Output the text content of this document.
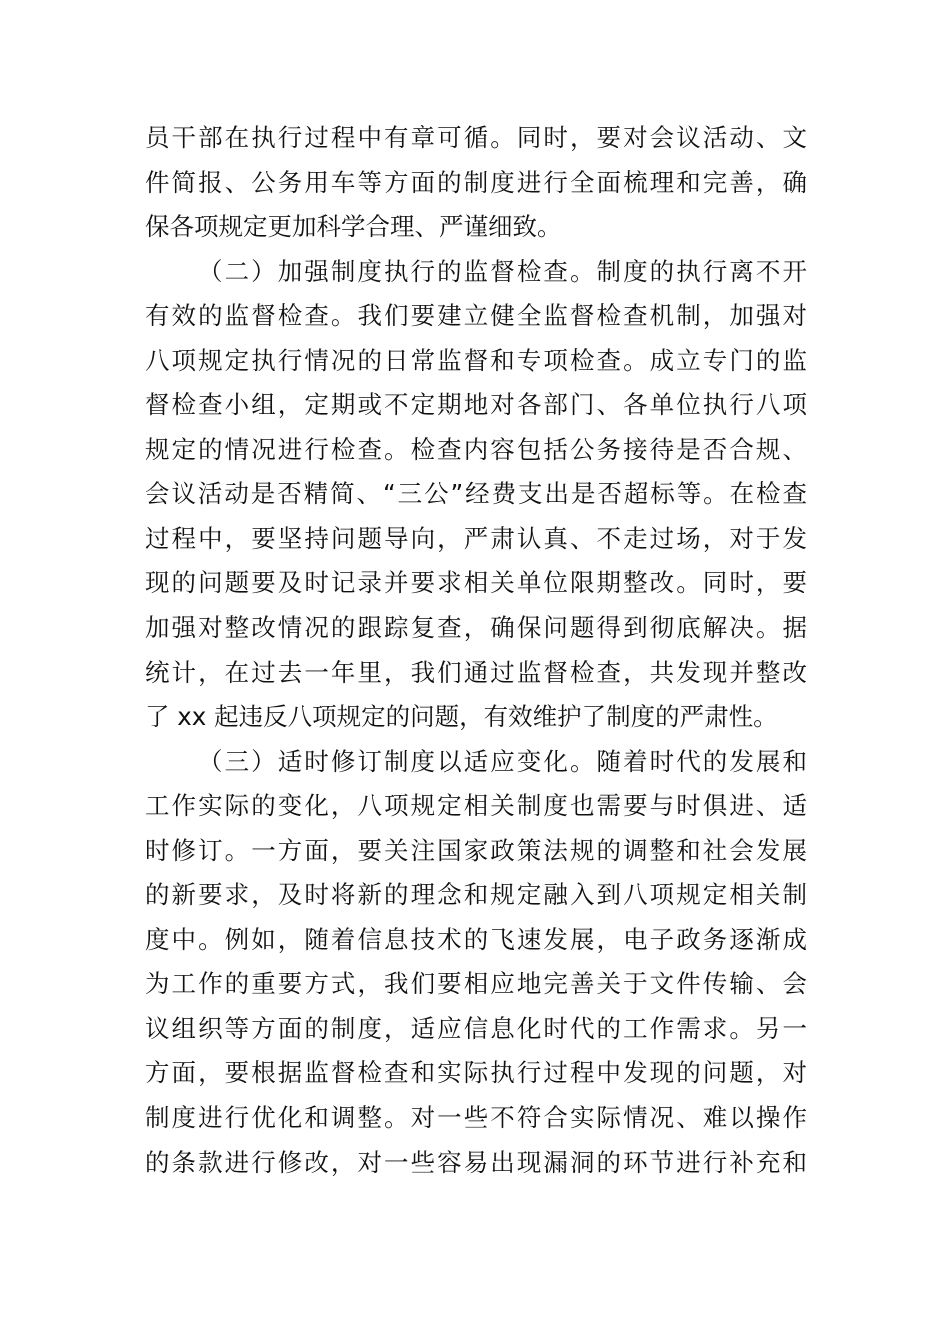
员干部在执行过程中有章可循。同时，要对会议活动、文
件简报、公务用车等方面的制度进行全面梳理和完善，确
保各项规定更加科学合理、严谨细致。
（二）加强制度执行的监督检查。制度的执行离不开
有效的监督检查。我们要建立健全监督检查机制，加强对
八项规定执行情况的日常监督和专项检查。成立专门的监
督检查小组，定期或不定期地对各部门、各单位执行八项
规定的情况进行检查。检查内容包括公务接待是否合规、
会议活动是否精简、“三公”经费支出是否超标等。在检查
过程中，要坚持问题导向，严肃认真、不走过场，对于发
现的问题要及时记录并要求相关单位限期整改。同时，要
加强对整改情况的跟踪复查，确保问题得到彻底解决。据
统计，在过去一年里，我们通过监督检查，共发现并整改
了 xx 起违反八项规定的问题，有效维护了制度的严肃性。
（三）适时修订制度以适应变化。随着时代的发展和
工作实际的变化，八项规定相关制度也需要与时俱进、适
时修订。一方面，要关注国家政策法规的调整和社会发展
的新要求，及时将新的理念和规定融入到八项规定相关制
度中。例如，随着信息技术的飞速发展，电子政务逐渐成
为工作的重要方式，我们要相应地完善关于文件传输、会
议组织等方面的制度，适应信息化时代的工作需求。另一
方面，要根据监督检查和实际执行过程中发现的问题，对
制度进行优化和调整。对一些不符合实际情况、难以操作
的条款进行修改，对一些容易出现漏洞的环节进行补充和
